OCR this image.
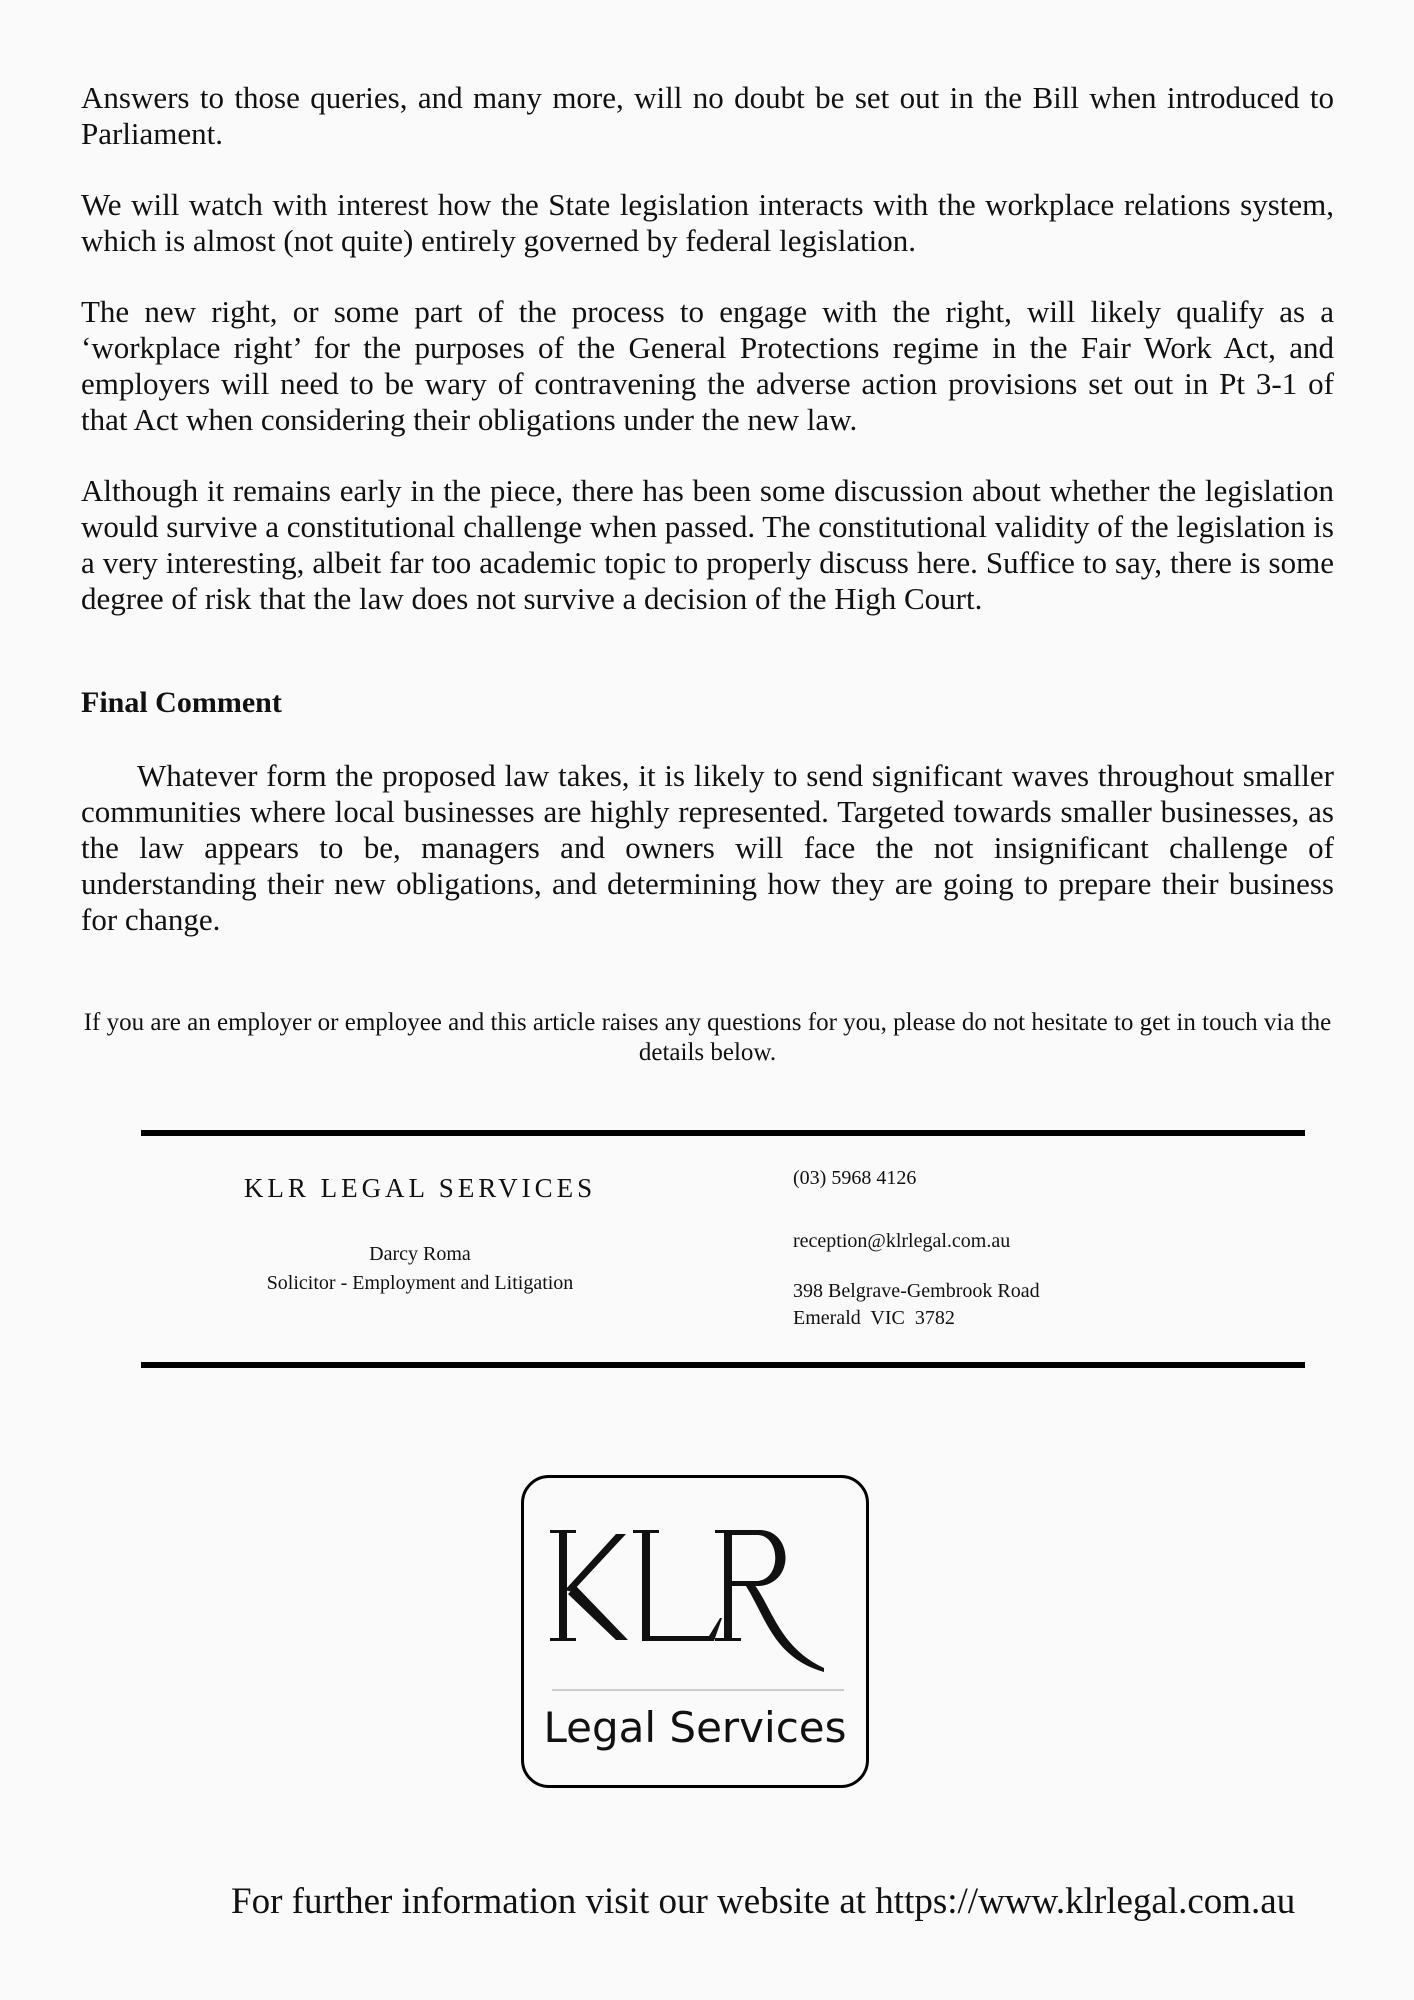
Answers to those queries, and many more, will no doubt be set out in the Bill when introduced to Parliament.

We will watch with interest how the State legislation interacts with the workplace relations system, which is almost (not quite) entirely governed by federal legislation.

The new right, or some part of the process to engage with the right, will likely qualify as a ‘workplace right’ for the purposes of the General Protections regime in the Fair Work Act, and employers will need to be wary of contravening the adverse action provisions set out in Pt 3-1 of that Act when considering their obligations under the new law.

Although it remains early in the piece, there has been some discussion about whether the legislation would survive a constitutional challenge when passed. The constitutional validity of the legislation is a very interesting, albeit far too academic topic to properly discuss here. Suffice to say, there is some degree of risk that the law does not survive a decision of the High Court.

Final Comment

Whatever form the proposed law takes, it is likely to send significant waves throughout smaller communities where local businesses are highly represented. Targeted towards smaller businesses, as the law appears to be, managers and owners will face the not insignificant challenge of understanding their new obligations, and determining how they are going to prepare their business for change.

If you are an employer or employee and this article raises any questions for you, please do not hesitate to get in touch via the details below.

KLR LEGAL SERVICES
Darcy Roma
Solicitor - Employment and Litigation
(03) 5968 4126
reception@klrlegal.com.au
398 Belgrave-Gembrook Road
Emerald  VIC  3782
Legal Services
For further information visit our website at https://www.klrlegal.com.au
